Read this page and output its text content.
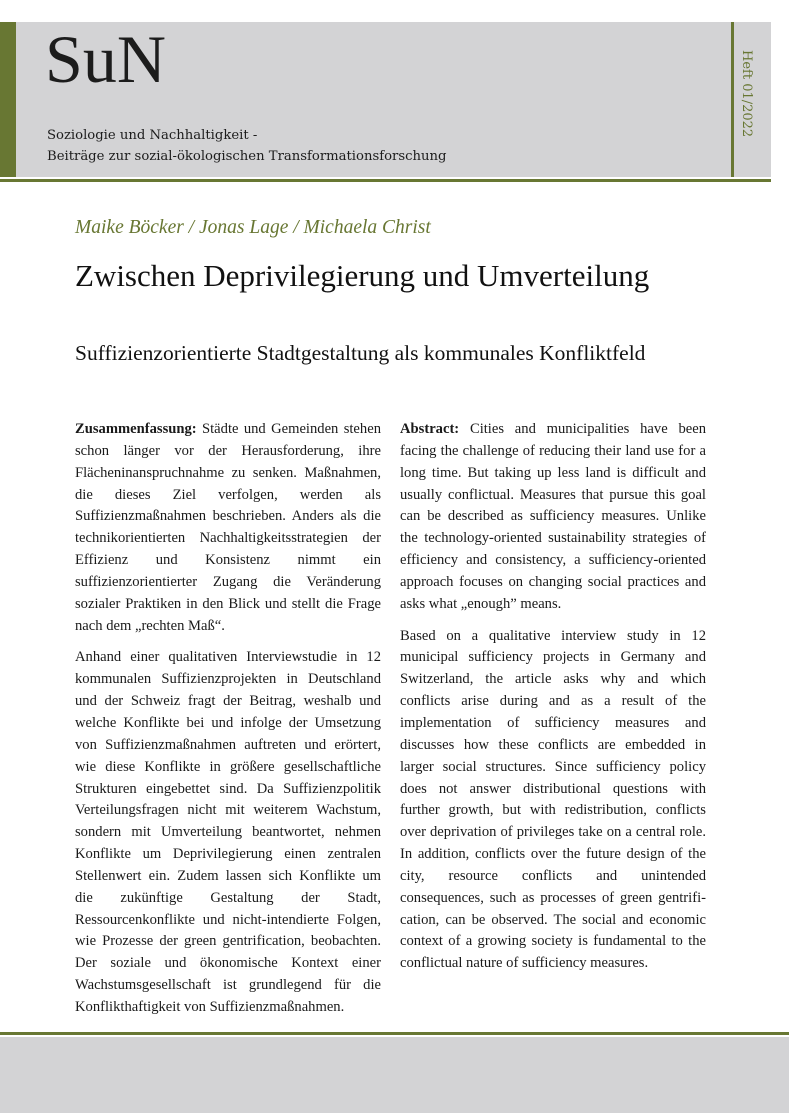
SuN
Soziologie und Nachhaltigkeit -
Beiträge zur sozial-ökologischen Transformationsforschung
Heft 01/2022
Maike Böcker / Jonas Lage / Michaela Christ
Zwischen Deprivilegierung und Umverteilung
Suffizienzorientierte Stadtgestaltung als kommunales Konfliktfeld

Zusammenfassung: Städte und Gemeinden stehen schon länger vor der Herausforderung, ihre Flächeninanspruchnahme zu senken. Maßnahmen, die dieses Ziel verfolgen, werden als Suffizienzmaßnahmen beschrieben. Anders als die technikorientierten Nachhaltigkeitsstrategien der Effizienz und Konsistenz nimmt ein suffizienzorientierter Zugang die Veränderung sozialer Praktiken in den Blick und stellt die Frage nach dem „rechten Maß“.

Anhand einer qualitativen Interviewstudie in 12 kommunalen Suffizienzprojekten in Deutschland und der Schweiz fragt der Beitrag, weshalb und welche Konflikte bei und infolge der Umsetzung von Suffizienzmaßnahmen auftreten und erörtert, wie diese Konflikte in größere gesellschaftliche Strukturen eingebettet sind. Da Suffizienzpolitik Verteilungsfragen nicht mit weiterem Wachstum, sondern mit Umverteilung beantwortet, nehmen Konflikte um Deprivilegierung einen zentralen Stellenwert ein. Zudem lassen sich Konflikte um die zukünftige Gestaltung der Stadt, Ressourcenkonflikte und nicht-intendierte Folgen, wie Prozesse der green gentrification, beobachten. Der soziale und ökonomische Kontext einer Wachstumsgesellschaft ist grundlegend für die Konflikthaftigkeit von Suffizienzmaßnahmen.

Abstract: Cities and municipalities have been facing the challenge of reducing their land use for a long time. But taking up less land is difficult and usually conflictual. Measures that pursue this goal can be described as sufficiency measures. Unlike the technology-oriented sustainability strategies of efficiency and consistency, a sufficiency-oriented approach focuses on changing social practices and asks what „enough” means.

Based on a qualitative interview study in 12 municipal sufficiency projects in Germany and Switzerland, the article asks why and which conflicts arise during and as a result of the implementation of sufficiency measures and discusses how these conflicts are embedded in larger social structures. Since sufficiency policy does not answer distributional questions with further growth, but with redistribution, conflicts over deprivation of privileges take on a central role. In addition, conflicts over the future design of the city, resource conflicts and unintended consequences, such as processes of green gentrification, can be observed. The social and economic context of a growing society is fundamental to the conflictual nature of sufficiency measures.
